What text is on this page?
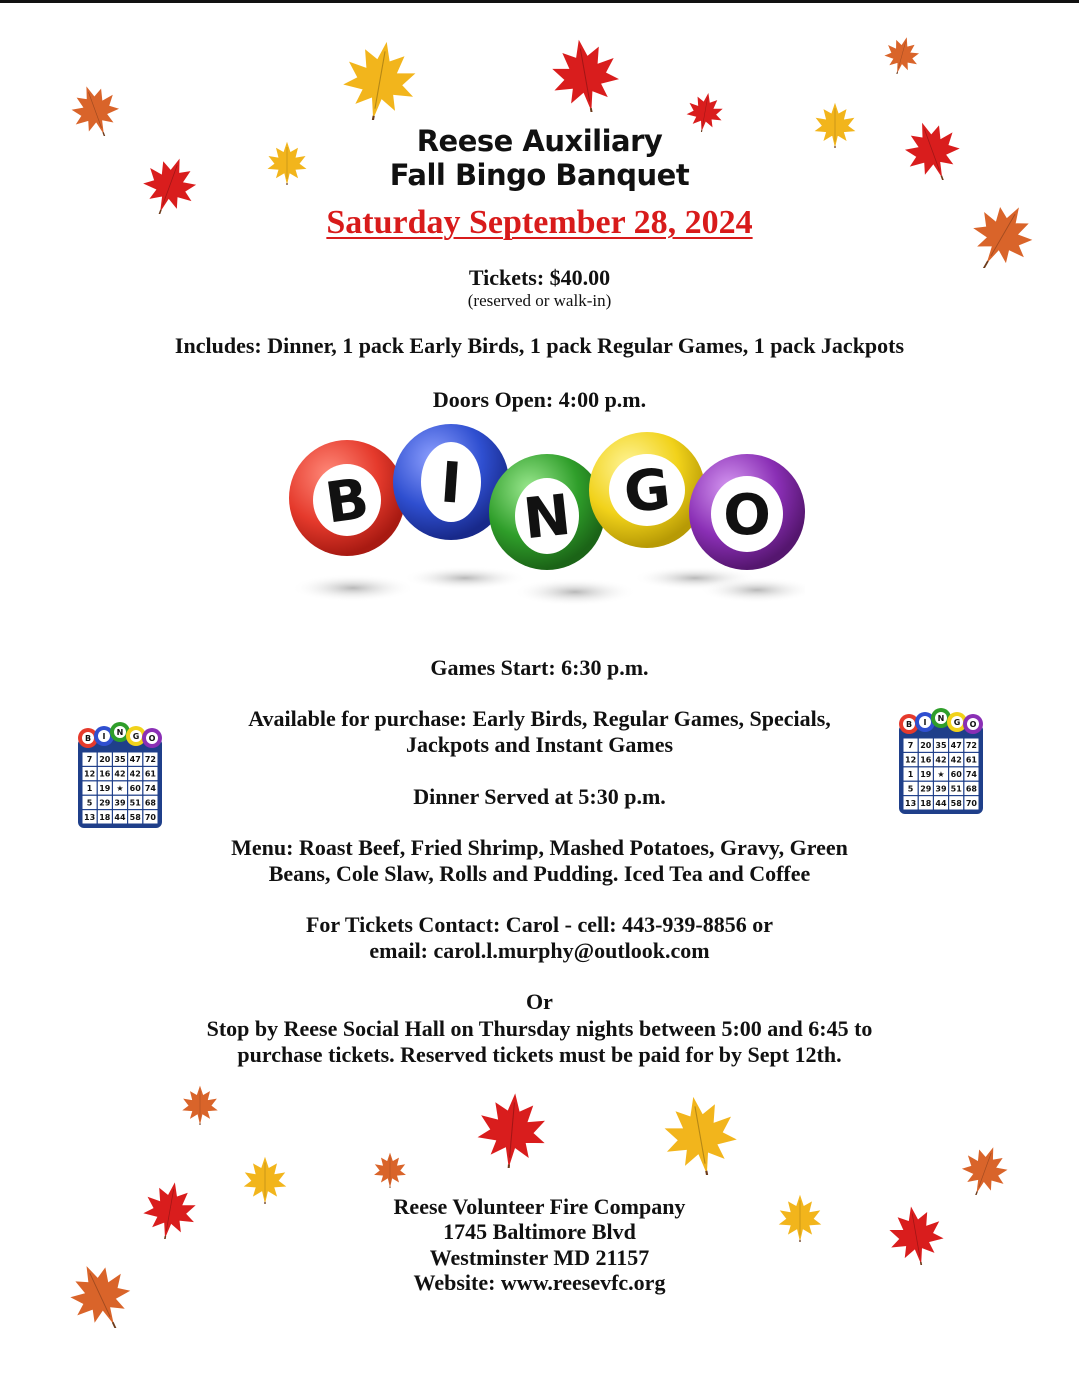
Reese Auxiliary
Fall Bingo Banquet
Saturday September 28, 2024
Tickets: $40.00
(reserved or walk-in)
Includes: Dinner, 1 pack Early Birds, 1 pack Regular Games, 1 pack Jackpots
Doors Open: 4:00 p.m.
B I N G O
Games Start: 6:30 p.m.
Available for purchase: Early Birds, Regular Games, Specials,
Jackpots and Instant Games
Dinner Served at 5:30 p.m.
Menu: Roast Beef, Fried Shrimp, Mashed Potatoes, Gravy, Green
Beans, Cole Slaw, Rolls and Pudding. Iced Tea and Coffee
For Tickets Contact: Carol - cell: 443-939-8856 or
email: carol.l.murphy@outlook.com
Or
Stop by Reese Social Hall on Thursday nights between 5:00 and 6:45 to
purchase tickets. Reserved tickets must be paid for by Sept 12th.
Reese Volunteer Fire Company
1745 Baltimore Blvd
Westminster MD 21157
Website: www.reesevfc.org
B I N G O
7 20 35 47 72
12 16 42 42 61
1 19 ★ 60 74
5 29 39 51 68
13 18 44 58 70
B I N G O
7 20 35 47 72
12 16 42 42 61
1 19 ★ 60 74
5 29 39 51 68
13 18 44 58 70
